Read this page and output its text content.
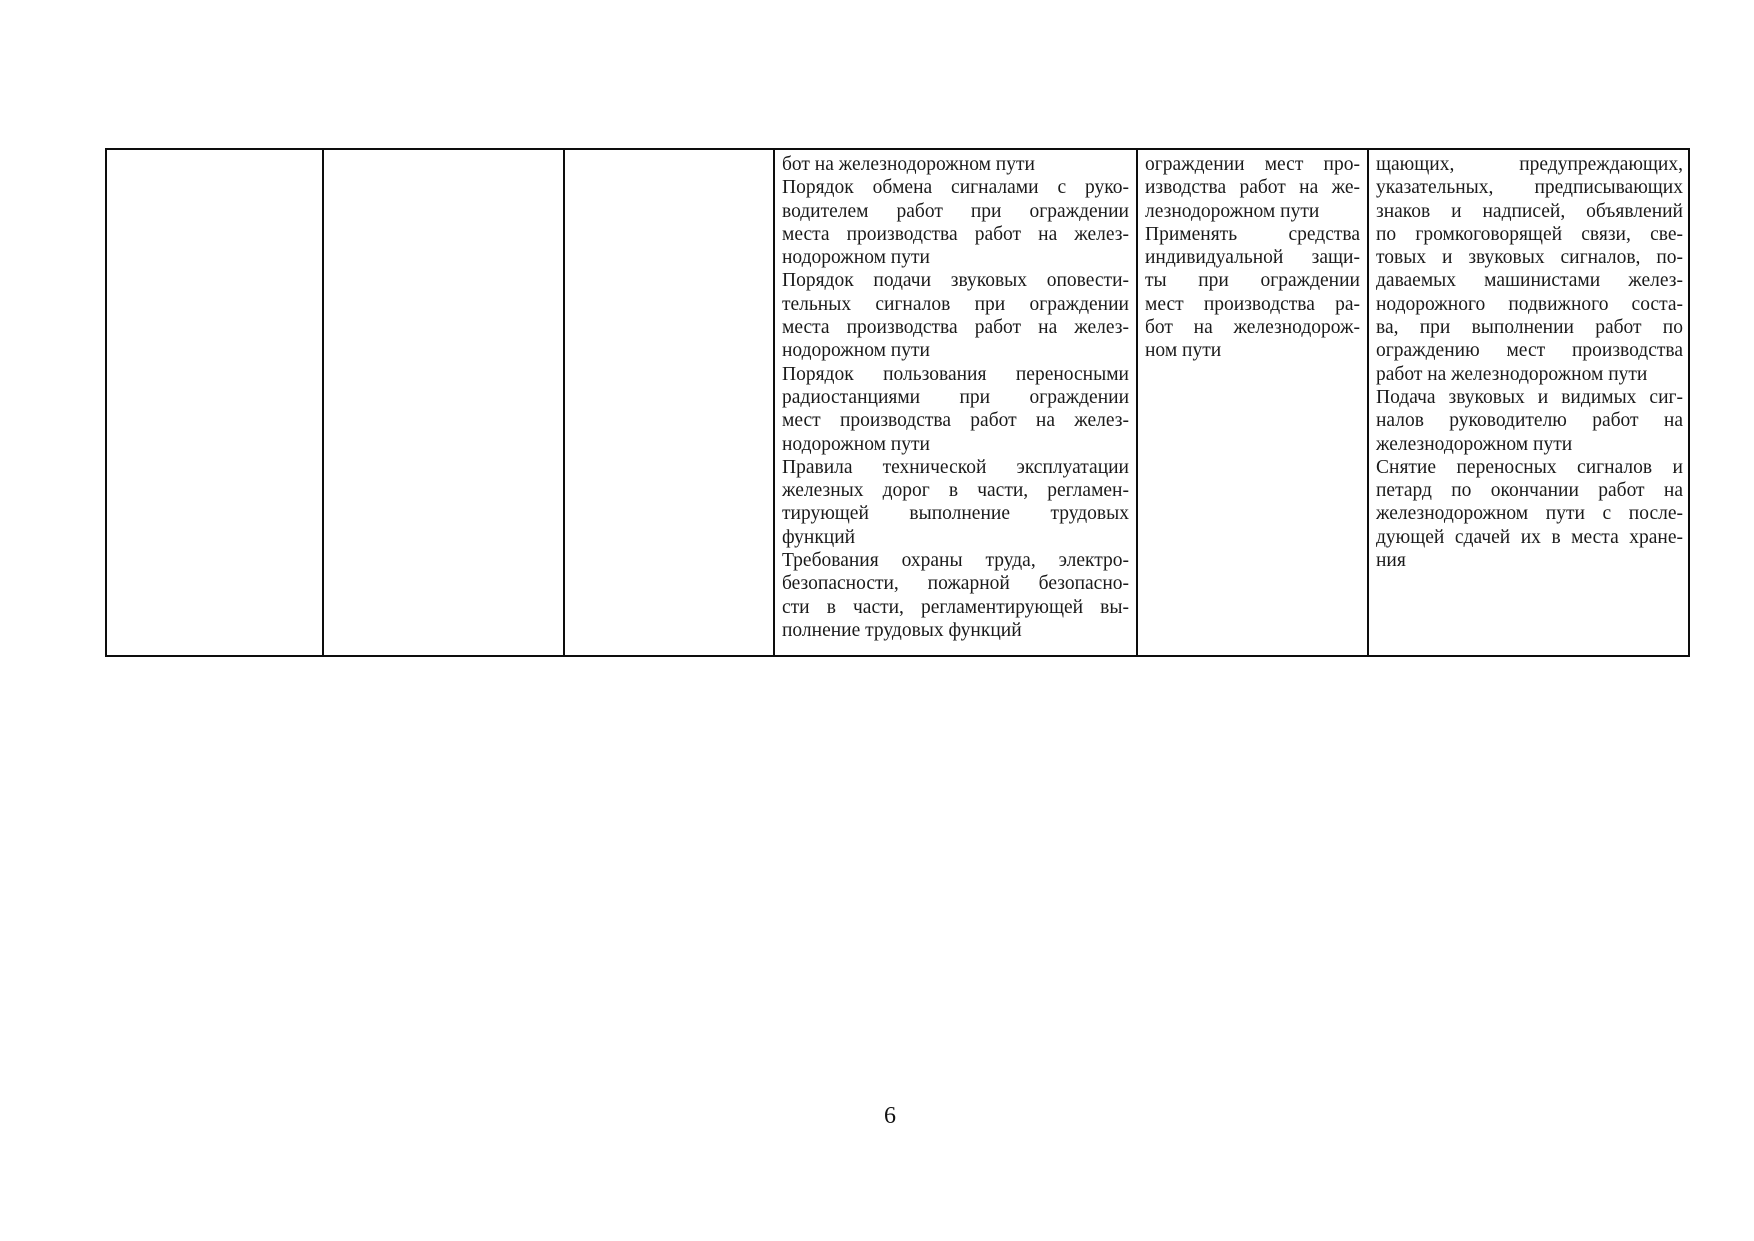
бот на железнодорожном пути
Порядок обмена сигналами с руко-
водителем работ при ограждении
места производства работ на желез-
нодорожном пути
Порядок подачи звуковых оповести-
тельных сигналов при ограждении
места производства работ на желез-
нодорожном пути
Порядок пользования переносными
радиостанциями при ограждении
мест производства работ на желез-
нодорожном пути
Правила технической эксплуатации
железных дорог в части, регламен-
тирующей выполнение трудовых
функций
Требования охраны труда, электро-
безопасности, пожарной безопасно-
сти в части, регламентирующей вы-
полнение трудовых функций
ограждении мест про-
изводства работ на же-
лезнодорожном пути
Применять средства
индивидуальной защи-
ты при ограждении
мест производства ра-
бот на железнодорож-
ном пути
щающих, предупреждающих,
указательных, предписывающих
знаков и надписей, объявлений
по громкоговорящей связи, све-
товых и звуковых сигналов, по-
даваемых машинистами желез-
нодорожного подвижного соста-
ва, при выполнении работ по
ограждению мест производства
работ на железнодорожном пути
Подача звуковых и видимых сиг-
налов руководителю работ на
железнодорожном пути
Снятие переносных сигналов и
петард по окончании работ на
железнодорожном пути с после-
дующей сдачей их в места хране-
ния
6
